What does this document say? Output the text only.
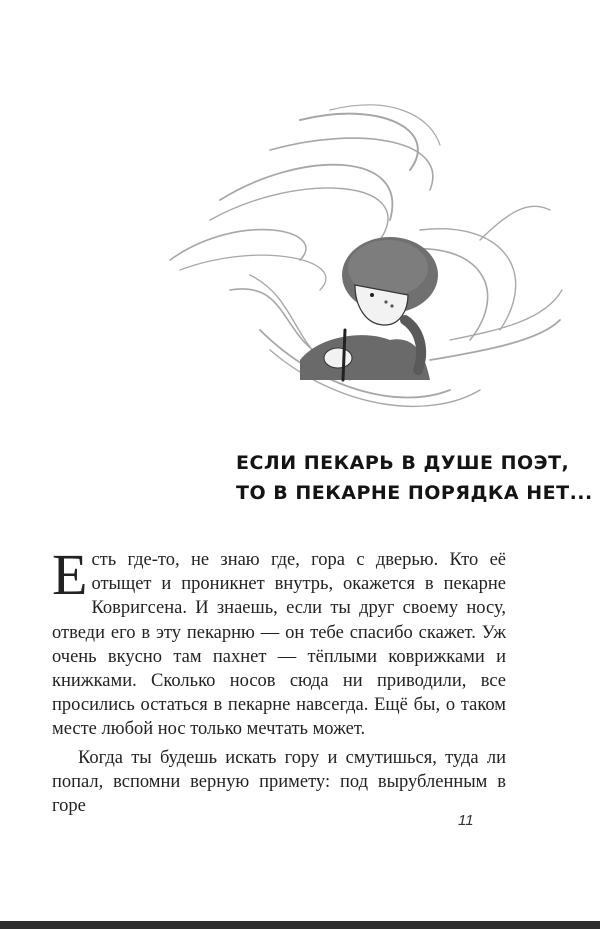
ЕСЛИ ПЕКАРЬ В ДУШЕ ПОЭТ,
ТО В ПЕКАРНЕ ПОРЯДКА НЕТ...

Есть где-то, не знаю где, гора с дверью. Кто её отыщет и проникнет внутрь, окажется в пекарне Ковригсена. И знаешь, если ты друг своему носу, отведи его в эту пекарню — он тебе спасибо скажет. Уж очень вкусно там пахнет — тёплыми коврижками и книжками. Сколько носов сюда ни приводили, все просились остаться в пекарне навсегда. Ещё бы, о таком месте любой нос только мечтать может.

Когда ты будешь искать гору и смутишься, туда ли попал, вспомни верную примету: под вырубленным в горе

11
